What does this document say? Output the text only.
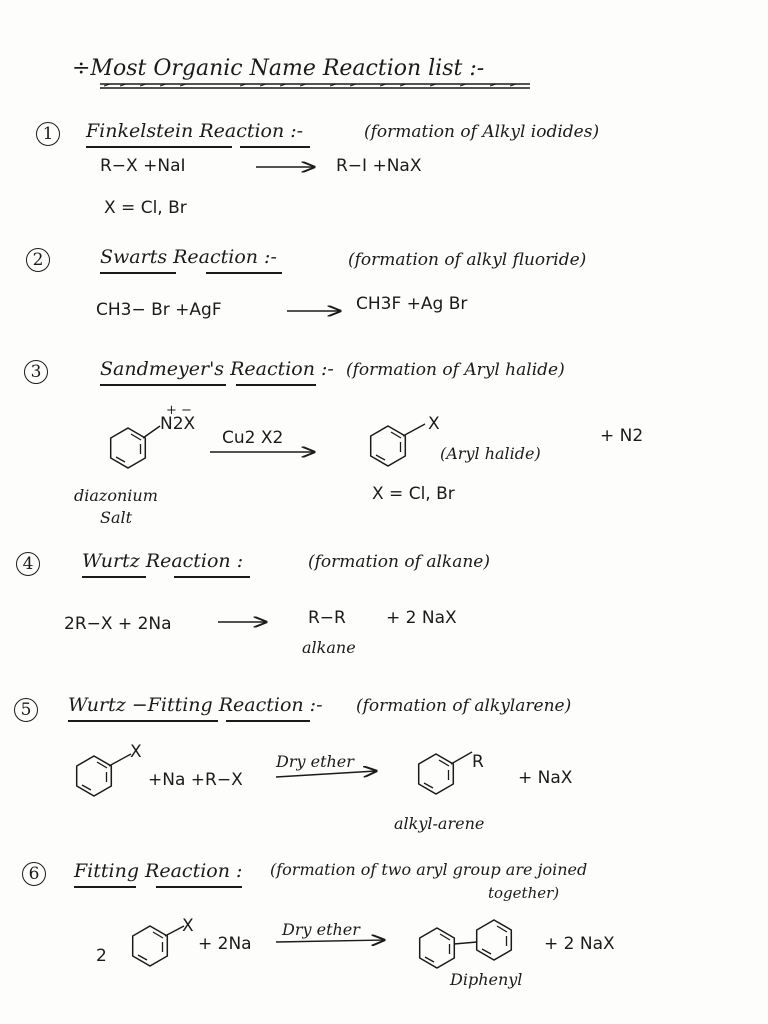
÷Most Organic Name Reaction list :-
1	Finkelstein Reaction :-	(formation of Alkyl iodides)
R−X +NaI	R−I +NaX
X = Cl, Br
2	Swarts Reaction :-	(formation of alkyl fluoride)
CH3− Br +AgF	CH3F +Ag Br
3	Sandmeyer's Reaction :- (formation of Aryl halide)
+ −
N2X
Cu2 X2
X
(Aryl halide)
+ N2
diazonium
Salt
X = Cl, Br
4	Wurtz Reaction :	(formation of alkane)
2R−X + 2Na	R−R + 2 NaX
alkane
5	Wurtz −Fitting Reaction :- (formation of alkylarene)
X
+Na +R−X
Dry ether	R
+ NaX
alkyl-arene
6	Fitting Reaction : (formation of two aryl group are joined
together)
2
X
+ 2Na
Dry ether
+ 2 NaX
Diphenyl
